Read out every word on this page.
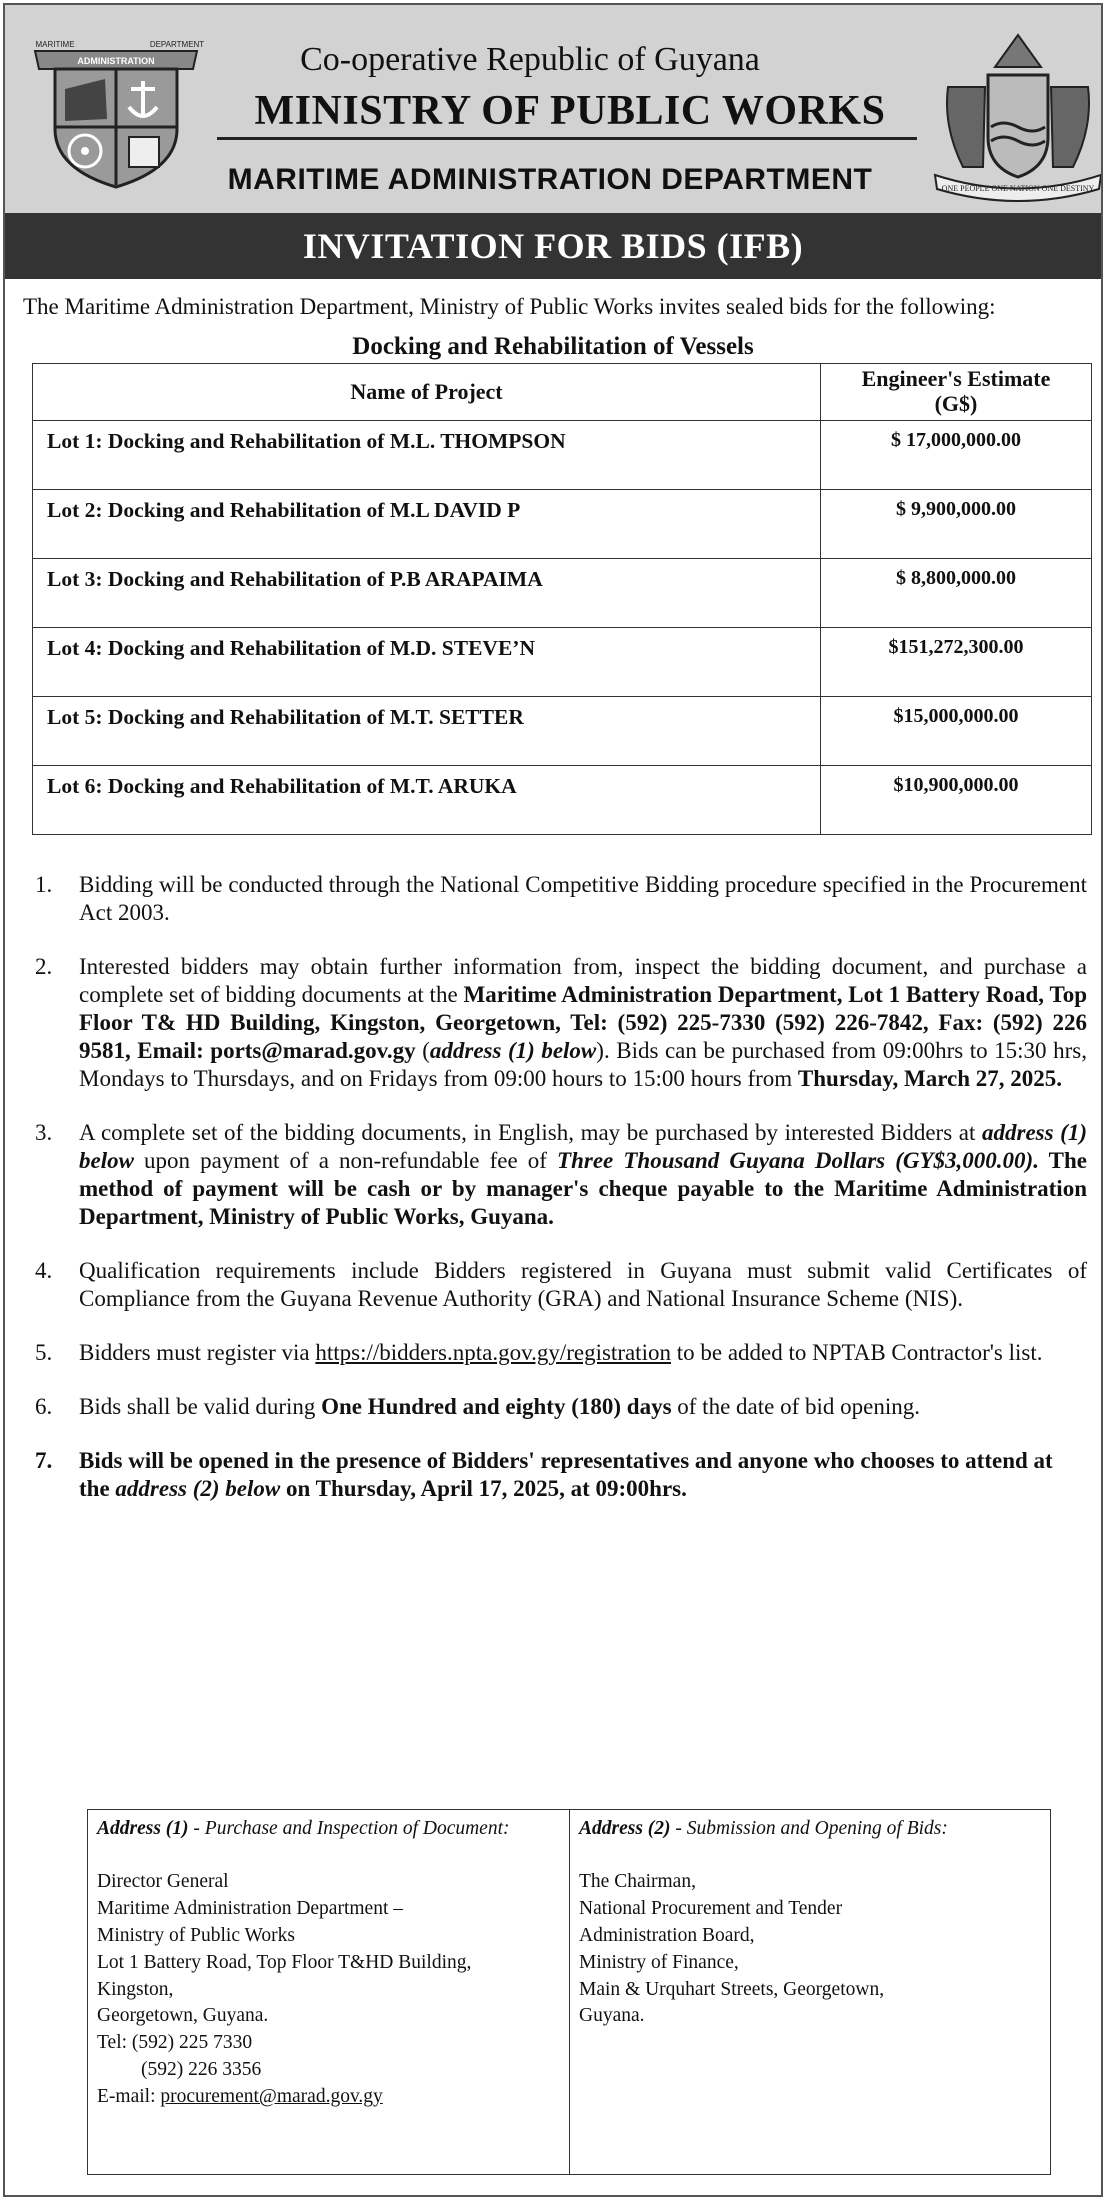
ADMINISTRATION
MARITIME	DEPARTMENT	Co-operative Republic of Guyana
MINISTRY OF PUBLIC WORKS
MARITIME ADMINISTRATION DEPARTMENT	ONE PEOPLE ONE NATION ONE DESTINY
INVITATION FOR BIDS (IFB)
The Maritime Administration Department, Ministry of Public Works invites sealed bids for the following:
Docking and Rehabilitation of Vessels
Name of Project	Engineer's Estimate
(G$)
Lot 1: Docking and Rehabilitation of M.L. THOMPSON	$ 17,000,000.00
Lot 2: Docking and Rehabilitation of M.L DAVID P	$ 9,900,000.00
Lot 3: Docking and Rehabilitation of P.B ARAPAIMA	$ 8,800,000.00
Lot 4: Docking and Rehabilitation of M.D. STEVE’N	$151,272,300.00
Lot 5: Docking and Rehabilitation of M.T. SETTER	$15,000,000.00
Lot 6: Docking and Rehabilitation of M.T. ARUKA	$10,900,000.00
1.	Bidding will be conducted through the National Competitive Bidding procedure specified in the Procurement Act 2003.
2.	Interested bidders may obtain further information from, inspect the bidding document, and purchase a complete set of bidding documents at the Maritime Administration Department, Lot 1 Battery Road, Top Floor T& HD Building, Kingston, Georgetown, Tel: (592) 225-7330 (592) 226-7842, Fax: (592) 226 9581, Email: ports@marad.gov.gy (address (1) below). Bids can be purchased from 09:00hrs to 15:30 hrs, Mondays to Thursdays, and on Fridays from 09:00 hours to 15:00 hours from Thursday, March 27, 2025.
3.	A complete set of the bidding documents, in English, may be purchased by interested Bidders at address (1) below upon payment of a non-refundable fee of Three Thousand Guyana Dollars (GY$3,000.00). The method of payment will be cash or by manager's cheque payable to the Maritime Administration Department, Ministry of Public Works, Guyana.
4.	Qualification requirements include Bidders registered in Guyana must submit valid Certificates of Compliance from the Guyana Revenue Authority (GRA) and National Insurance Scheme (NIS).
5.	Bidders must register via https://bidders.npta.gov.gy/registration to be added to NPTAB Contractor's list.
6.	Bids shall be valid during One Hundred and eighty (180) days of the date of bid opening.
7.	Bids will be opened in the presence of Bidders' representatives and anyone who chooses to attend at the address (2) below on Thursday, April 17, 2025, at 09:00hrs.
Address (1) - Purchase and Inspection of Document:
Director General
Maritime Administration Department –
Ministry of Public Works
Lot 1 Battery Road, Top Floor T&HD Building,
Kingston,
Georgetown, Guyana.
Tel: (592) 225 7330
(592) 226 3356
E-mail: procurement@marad.gov.gy
Address (2) - Submission and Opening of Bids:
The Chairman,
National Procurement and Tender
Administration Board,
Ministry of Finance,
Main & Urquhart Streets, Georgetown,
Guyana.
